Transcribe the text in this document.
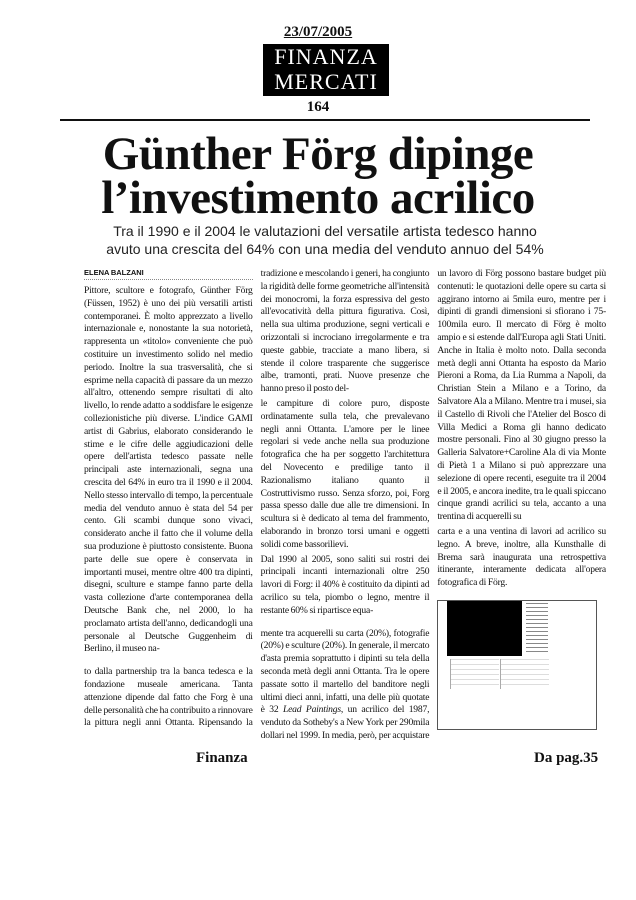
23/07/2005
FINANZA
MERCATI
164
Günther Förg dipinge
l’investimento acrilico
Tra il 1990 e il 2004 le valutazioni del versatile artista tedesco hanno
avuto una crescita del 64% con una media del venduto annuo del 54%
ELENA BALZANI

Pittore, scultore e fotografo, Günther Förg (Füssen, 1952) è uno dei più versatili artisti contemporanei. È molto apprezzato a livello internazionale e, nonostante la sua notorietà, rappresenta un «titolo» conveniente che può costituire un investimento solido nel medio periodo. Inoltre la sua trasversalità, che si esprime nella capacità di passare da un mezzo all'altro, ottenendo sempre risultati di alto livello, lo rende adatto a soddisfare le esigenze collezionistiche più diverse. L'indice GAMI artist di Gabrius, elaborato considerando le stime e le cifre delle aggiudicazioni delle opere dell'artista tedesco passate nelle principali aste internazionali, segna una crescita del 64% in euro tra il 1990 e il 2004. Nello stesso intervallo di tempo, la percentuale media del venduto annuo è stata del 54 per cento. Gli scambi dunque sono vivaci, considerato anche il fatto che il volume della sua produzione è piuttosto consistente. Buona parte delle sue opere è conservata in importanti musei, mentre oltre 400 tra dipinti, disegni, sculture e stampe fanno parte della vasta collezione d'arte contemporanea della Deutsche Bank che, nel 2000, lo ha proclamato artista dell'anno, dedicandogli una personale al Deutsche Guggenheim di Berlino, il museo na-

to dalla partnership tra la banca tedesca e la fondazione museale americana. Tanta attenzione dipende dal fatto che Forg è una delle personalità che ha contribuito a rinnovare la pittura negli anni Ottanta. Ripensando la tradizione e mescolando i generi, ha congiunto la rigidità delle forme geometriche all'intensità dei monocromi, la forza espressiva del gesto all'evocatività della pittura figurativa. Così, nella sua ultima produzione, segni verticali e orizzontali si incrociano irregolarmente e tra queste gabbie, tracciate a mano libera, si stende il colore trasparente che suggerisce albe, tramonti, prati. Nuove presenze che hanno preso il posto del-

le campiture di colore puro, disposte ordinatamente sulla tela, che prevalevano negli anni Ottanta. L'amore per le linee regolari si vede anche nella sua produzione fotografica che ha per soggetto l'architettura del Novecento e predilige tanto il Razionalismo italiano quanto il Costruttivismo russo. Senza sforzo, poi, Forg passa spesso dalle due alle tre dimensioni. In scultura si è dedicato al tema del frammento, elaborando in bronzo torsi umani e oggetti solidi come bassorilievi.

Dal 1990 al 2005, sono saliti sui rostri dei principali incanti internazionali oltre 250 lavori di Forg: il 40% è costituito da dipinti ad acrilico su tela, piombo o legno, mentre il restante 60% si ripartisce equa-

mente tra acquerelli su carta (20%), fotografie (20%) e sculture (20%). In generale, il mercato d'asta premia soprattutto i dipinti su tela della seconda metà degli anni Ottanta. Tra le opere passate sotto il martello del banditore negli ultimi dieci anni, infatti, una delle più quotate è 32 Lead Paintings, un acrilico del 1987, venduto da Sotheby's a New York per 290mila dollari nel 1999. In media, però, per acquistare un lavoro di Förg possono bastare budget più contenuti: le quotazioni delle opere su carta si aggirano intorno ai 5mila euro, mentre per i dipinti di grandi dimensioni si sfiorano i 75-100mila euro. Il mercato di Förg è molto ampio e si estende dall'Europa agli Stati Uniti. Anche in Italia è molto noto. Dalla seconda metà degli anni Ottanta ha esposto da Mario Pieroni a Roma, da Lia Rumma a Napoli, da Christian Stein a Milano e a Torino, da Salvatore Ala a Milano. Mentre tra i musei, sia il Castello di Rivoli che l'Atelier del Bosco di Villa Medici a Roma gli hanno dedicato mostre personali. Fino al 30 giugno presso la Galleria Salvatore+Caroline Ala di via Monte di Pietà 1 a Milano si può apprezzare una selezione di opere recenti, eseguite tra il 2004 e il 2005, e ancora inedite, tra le quali spiccano cinque grandi acrilici su tela, accanto a una trentina di acquerelli su

carta e a una ventina di lavori ad acrilico su legno. A breve, inoltre, alla Kunsthalle di Brema sarà inaugurata una retrospettiva itinerante, interamente dedicata all'opera fotografica di Förg.

Finanza	Da pag.35
